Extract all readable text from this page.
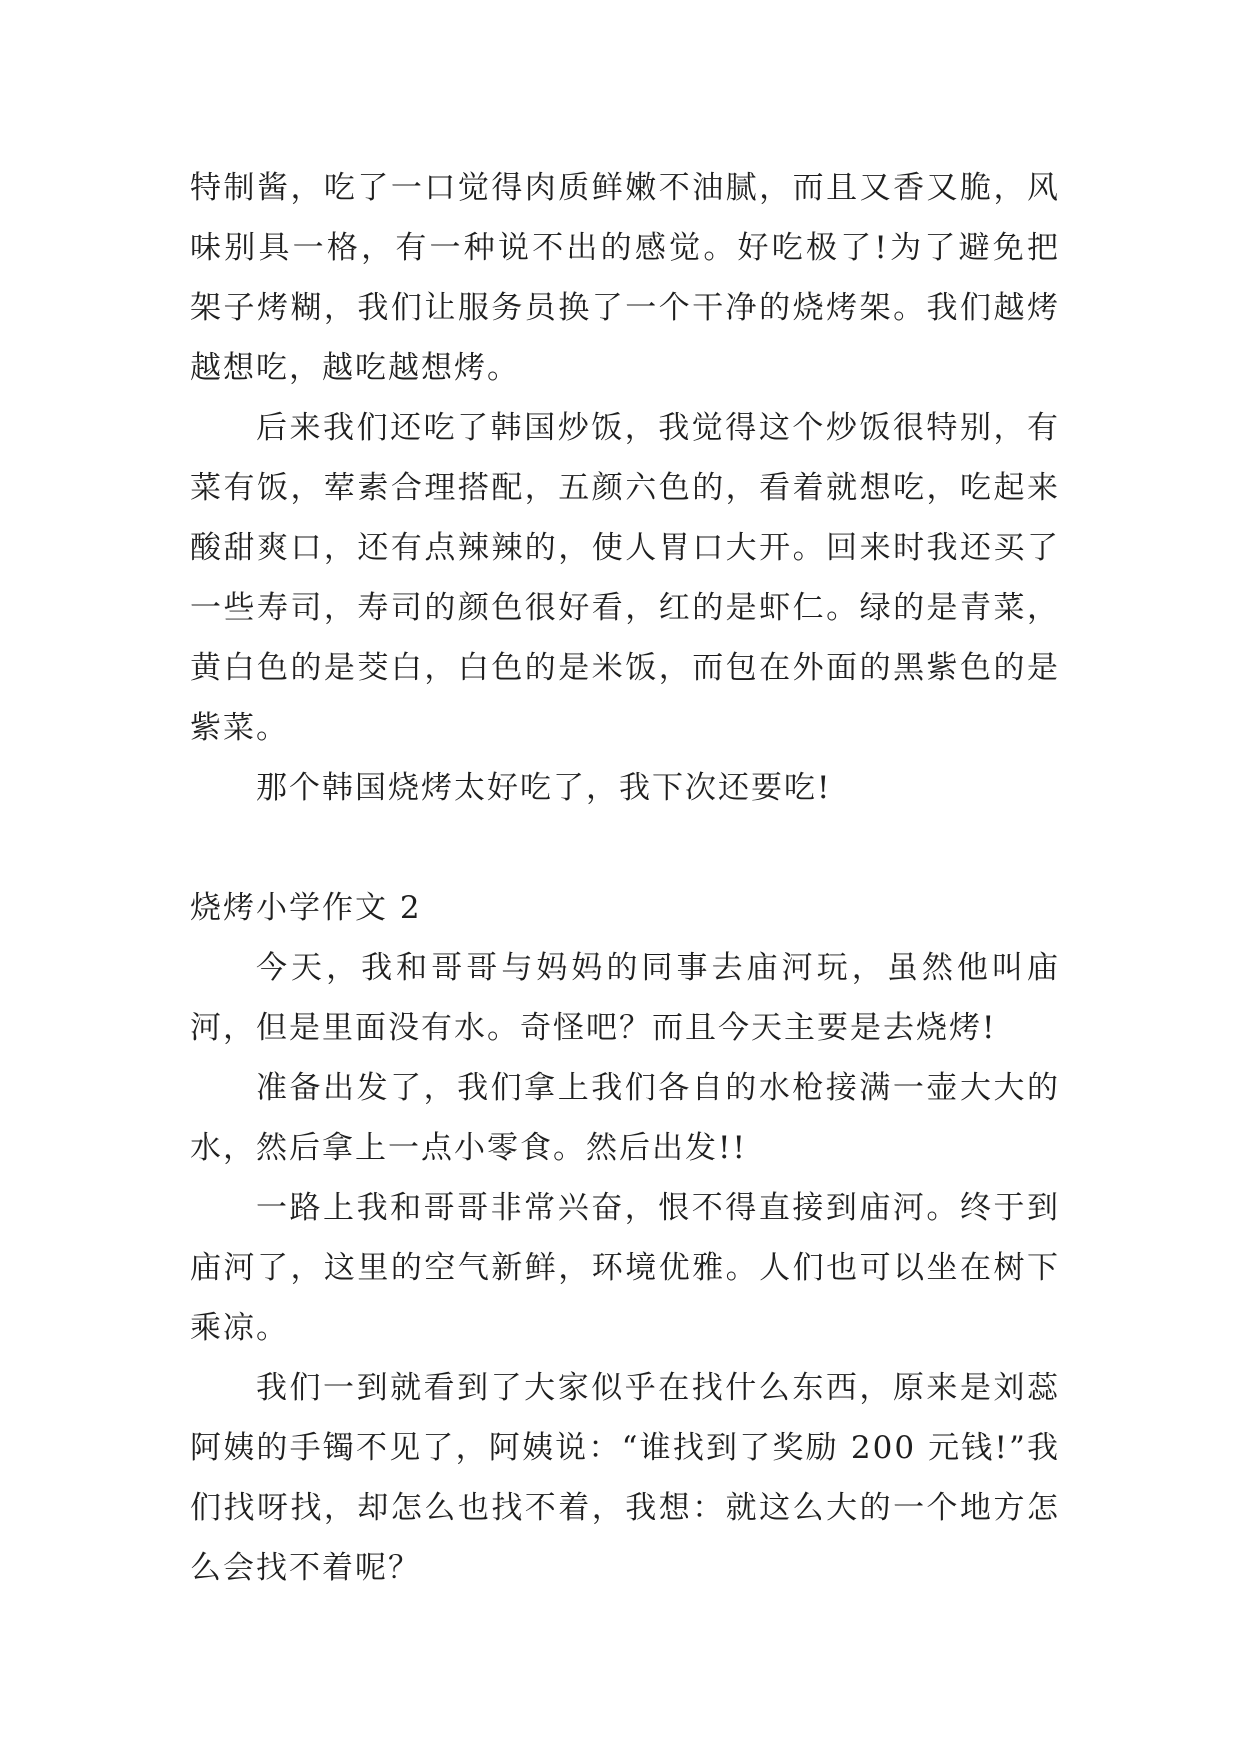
特制酱，吃了一口觉得肉质鲜嫩不油腻，而且又香又脆，风味别具一格，有一种说不出的感觉。好吃极了!为了避免把架子烤糊，我们让服务员换了一个干净的烧烤架。我们越烤越想吃，越吃越想烤。

后来我们还吃了韩国炒饭，我觉得这个炒饭很特别，有菜有饭，荤素合理搭配，五颜六色的，看着就想吃，吃起来酸甜爽口，还有点辣辣的，使人胃口大开。回来时我还买了一些寿司，寿司的颜色很好看，红的是虾仁。绿的是青菜，黄白色的是茭白，白色的是米饭，而包在外面的黑紫色的是紫菜。

那个韩国烧烤太好吃了，我下次还要吃!

烧烤小学作文 2

今天，我和哥哥与妈妈的同事去庙河玩，虽然他叫庙河，但是里面没有水。奇怪吧？而且今天主要是去烧烤!

准备出发了，我们拿上我们各自的水枪接满一壶大大的水，然后拿上一点小零食。然后出发!!

一路上我和哥哥非常兴奋，恨不得直接到庙河。终于到庙河了，这里的空气新鲜，环境优雅。人们也可以坐在树下乘凉。

我们一到就看到了大家似乎在找什么东西，原来是刘蕊阿姨的手镯不见了，阿姨说：“谁找到了奖励 200 元钱!”我们找呀找，却怎么也找不着，我想：就这么大的一个地方怎么会找不着呢？
